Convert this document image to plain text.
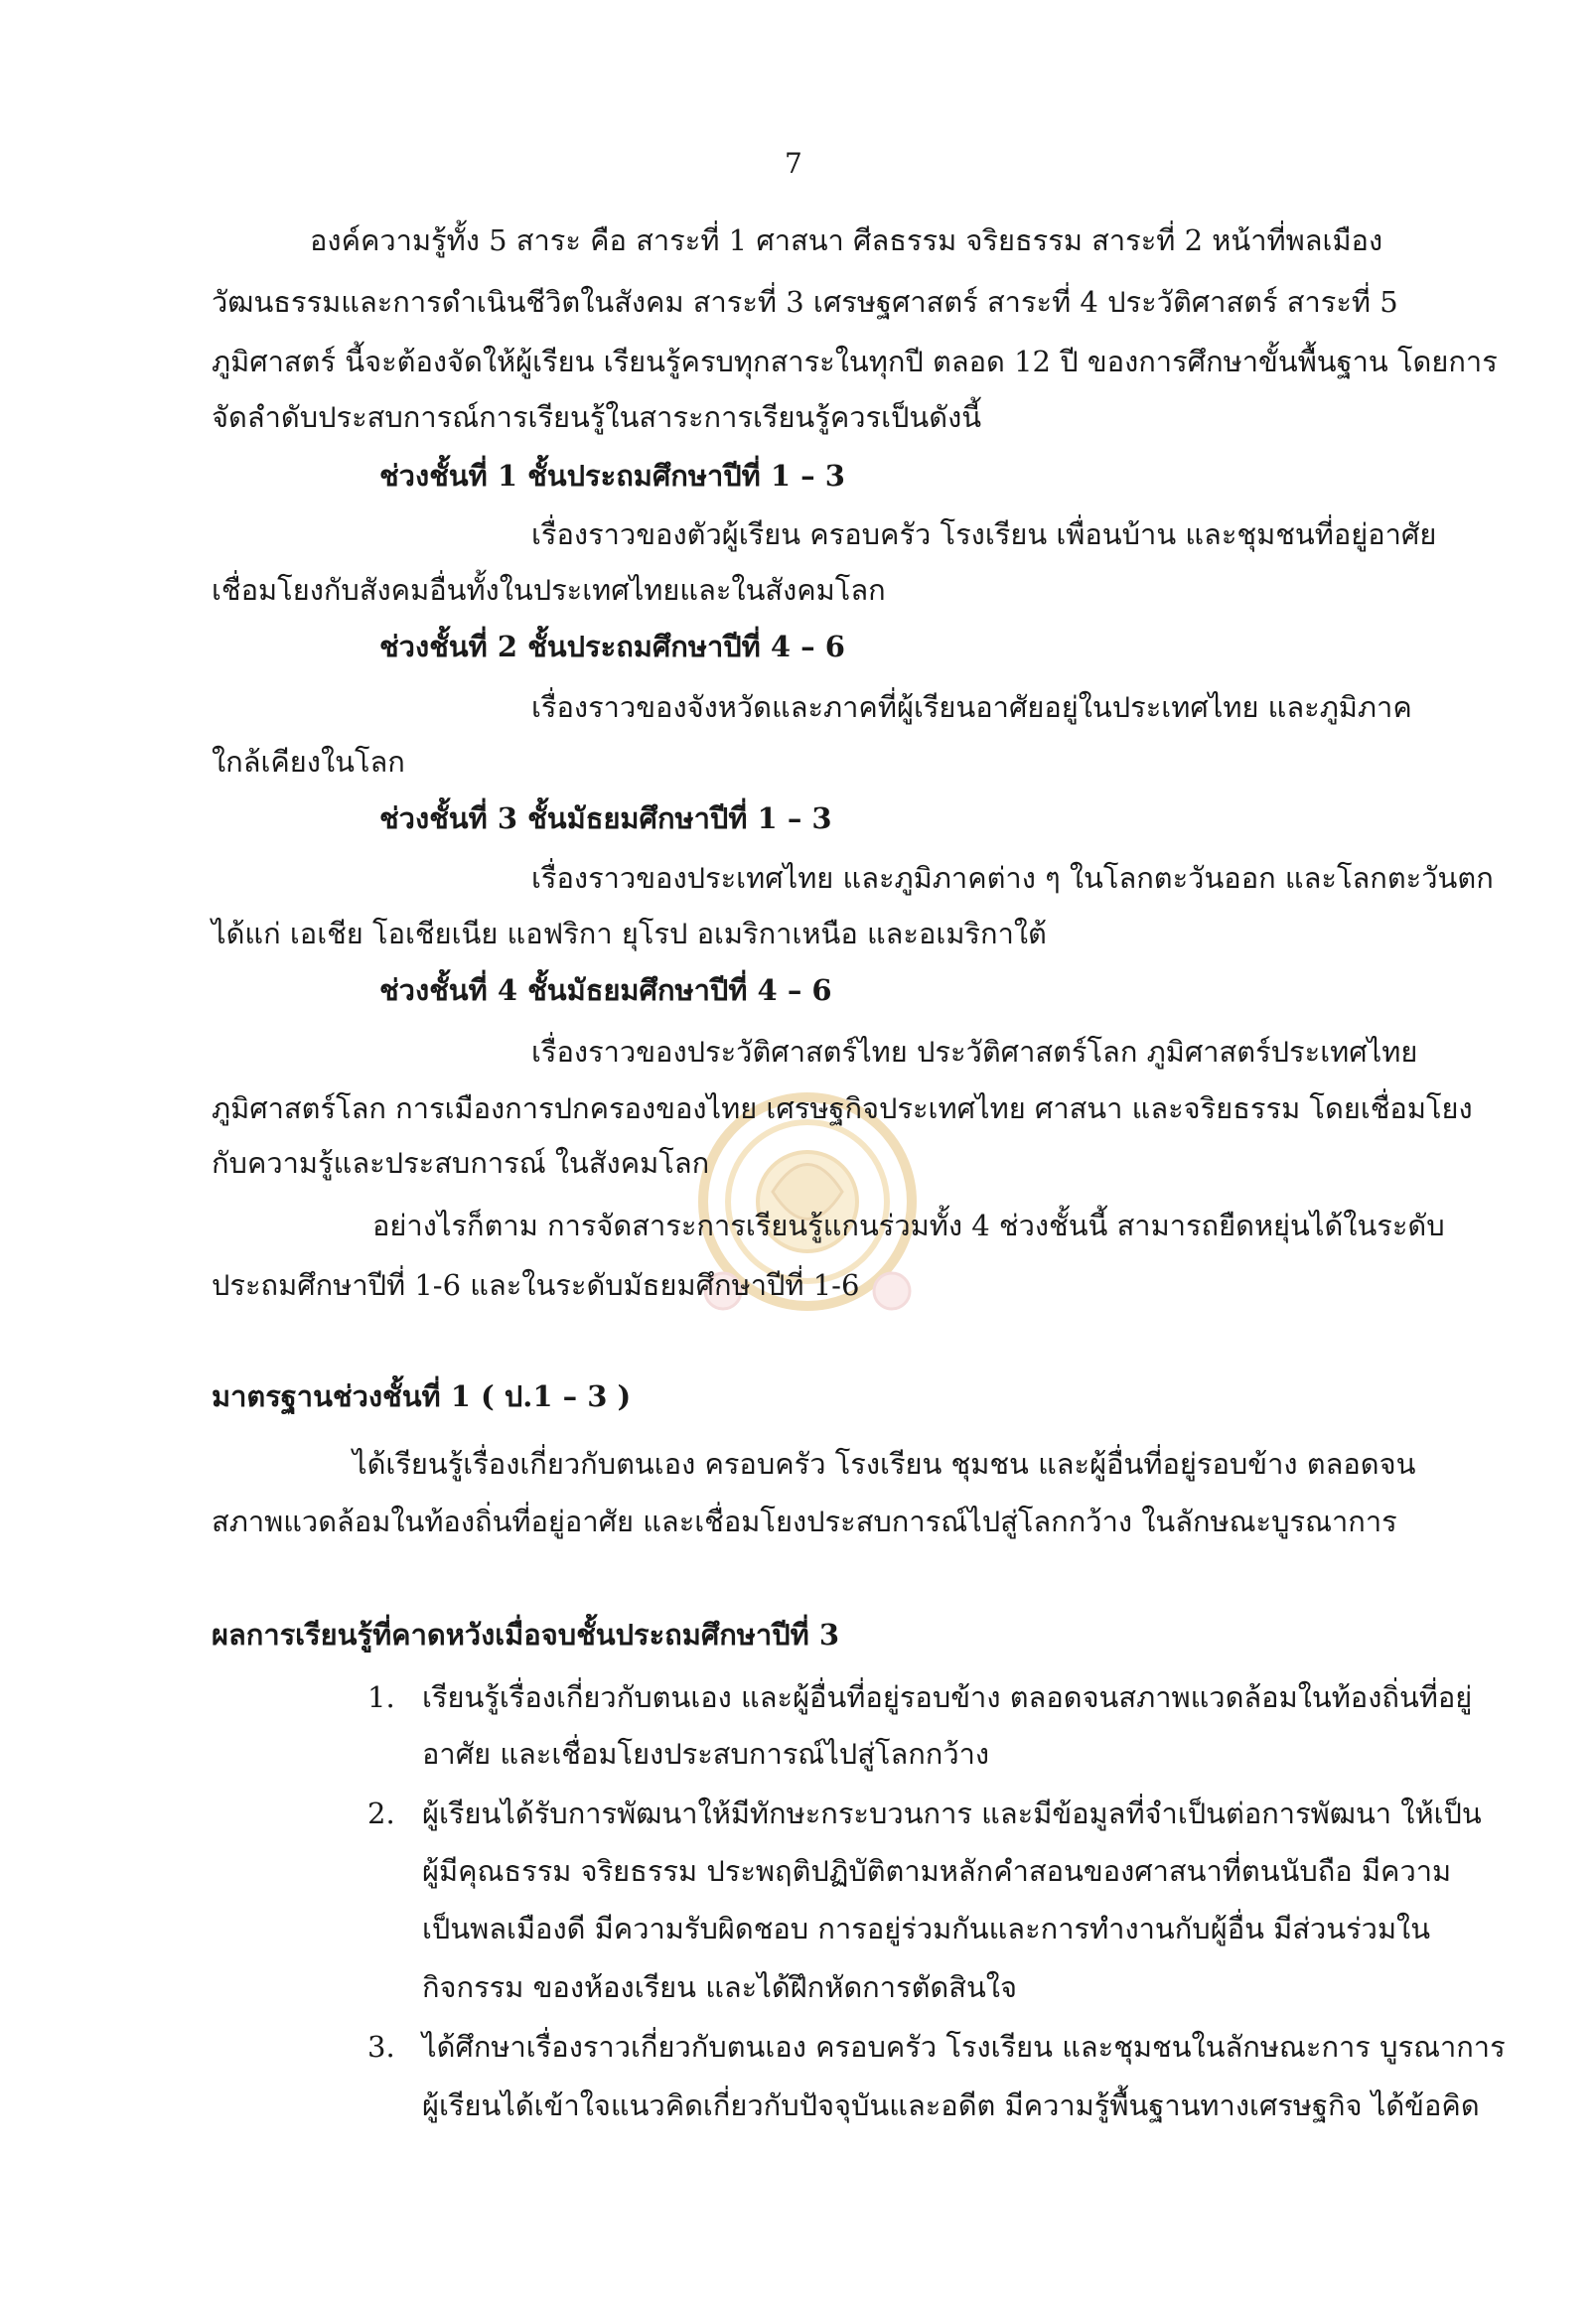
7
องค์ความรู้ทั้ง 5 สาระ คือ สาระที่ 1 ศาสนา ศีลธรรม จริยธรรม สาระที่ 2 หน้าที่พลเมือง
วัฒนธรรมและการดำเนินชีวิตในสังคม สาระที่ 3 เศรษฐศาสตร์ สาระที่ 4 ประวัติศาสตร์ สาระที่ 5
ภูมิศาสตร์ นี้จะต้องจัดให้ผู้เรียน เรียนรู้ครบทุกสาระในทุกปี ตลอด 12 ปี ของการศึกษาขั้นพื้นฐาน โดยการ
จัดลำดับประสบการณ์การเรียนรู้ในสาระการเรียนรู้ควรเป็นดังนี้
ช่วงชั้นที่ 1 ชั้นประถมศึกษาปีที่ 1 – 3
เรื่องราวของตัวผู้เรียน ครอบครัว โรงเรียน เพื่อนบ้าน และชุมชนที่อยู่อาศัย
เชื่อมโยงกับสังคมอื่นทั้งในประเทศไทยและในสังคมโลก
ช่วงชั้นที่ 2 ชั้นประถมศึกษาปีที่ 4 – 6
เรื่องราวของจังหวัดและภาคที่ผู้เรียนอาศัยอยู่ในประเทศไทย และภูมิภาค
ใกล้เคียงในโลก
ช่วงชั้นที่ 3 ชั้นมัธยมศึกษาปีที่ 1 – 3
เรื่องราวของประเทศไทย และภูมิภาคต่าง ๆ ในโลกตะวันออก และโลกตะวันตก
ได้แก่ เอเชีย โอเชียเนีย แอฟริกา ยุโรป อเมริกาเหนือ และอเมริกาใต้
ช่วงชั้นที่ 4 ชั้นมัธยมศึกษาปีที่ 4 – 6
เรื่องราวของประวัติศาสตร์ไทย ประวัติศาสตร์โลก ภูมิศาสตร์ประเทศไทย
ภูมิศาสตร์โลก การเมืองการปกครองของไทย เศรษฐกิจประเทศไทย ศาสนา และจริยธรรม โดยเชื่อมโยง
กับความรู้และประสบการณ์ ในสังคมโลก
อย่างไรก็ตาม การจัดสาระการเรียนรู้แกนร่วมทั้ง 4 ช่วงชั้นนี้ สามารถยืดหยุ่นได้ในระดับ
ประถมศึกษาปีที่ 1-6 และในระดับมัธยมศึกษาปีที่ 1-6
มาตรฐานช่วงชั้นที่ 1 ( ป.1 – 3 )
ได้เรียนรู้เรื่องเกี่ยวกับตนเอง ครอบครัว โรงเรียน ชุมชน และผู้อื่นที่อยู่รอบข้าง ตลอดจน
สภาพแวดล้อมในท้องถิ่นที่อยู่อาศัย และเชื่อมโยงประสบการณ์ไปสู่โลกกว้าง ในลักษณะบูรณาการ
ผลการเรียนรู้ที่คาดหวังเมื่อจบชั้นประถมศึกษาปีที่ 3
1. เรียนรู้เรื่องเกี่ยวกับตนเอง และผู้อื่นที่อยู่รอบข้าง ตลอดจนสภาพแวดล้อมในท้องถิ่นที่อยู่
อาศัย และเชื่อมโยงประสบการณ์ไปสู่โลกกว้าง
2. ผู้เรียนได้รับการพัฒนาให้มีทักษะกระบวนการ และมีข้อมูลที่จำเป็นต่อการพัฒนา ให้เป็น
ผู้มีคุณธรรม จริยธรรม ประพฤติปฏิบัติตามหลักคำสอนของศาสนาที่ตนนับถือ มีความ
เป็นพลเมืองดี มีความรับผิดชอบ การอยู่ร่วมกันและการทำงานกับผู้อื่น มีส่วนร่วมใน
กิจกรรม ของห้องเรียน และได้ฝึกหัดการตัดสินใจ
3. ได้ศึกษาเรื่องราวเกี่ยวกับตนเอง ครอบครัว โรงเรียน และชุมชนในลักษณะการ บูรณาการ
ผู้เรียนได้เข้าใจแนวคิดเกี่ยวกับปัจจุบันและอดีต มีความรู้พื้นฐานทางเศรษฐกิจ ได้ข้อคิด
